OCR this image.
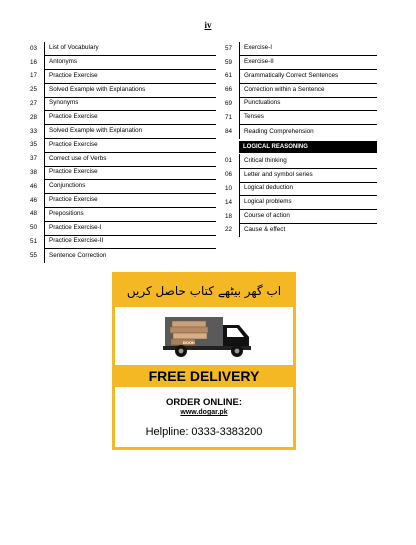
iv
03	List of Vocabulary
16	Antonyms
17	Practice Exercise
25	Solved Example with Explanations
27	Synonyms
28	Practice Exercise
33	Solved Example with Explanation
35	Practice Exercise
37	Correct use of Verbs
38	Practice Exercise
46	Conjunctions
46	Practice Exercise
48	Prepositions
50	Practice Exercise-I
51	Practice Exercise-II
55	Sentence Correction
57	Exercise-I
59	Exercise-II
61	Grammatically Correct Sentences
66	Correction within a Sentence
69	Punctuations
71	Tenses
84	Reading Comprehension
LOGICAL REASONING
01	Critical thinking
06	Letter and symbol series
10	Logical deduction
14	Logical problems
18	Course of action
22	Cause & effect
اب گھر بیٹھے کتاب حاصل کریں
BOOK
FREE DELIVERY
ORDER ONLINE:
www.dogar.pk
Helpline: 0333-3383200
